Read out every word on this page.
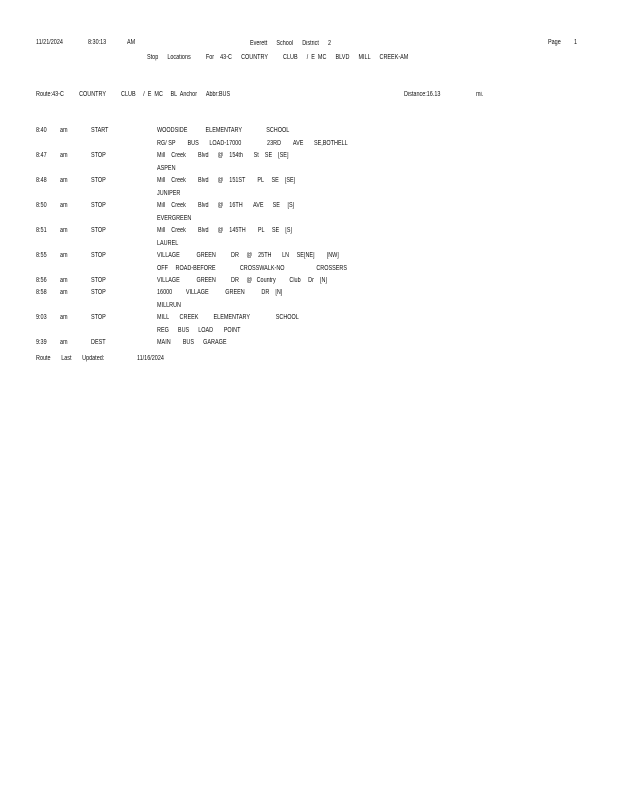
11/21/2024	8:30:13	AM	Everett      School      District      2
Stop      Locations          For    43-C      COUNTRY          CLUB      /  E  MC      BLVD      MILL      CREEK-AM
Page 1
Route:43-C          COUNTRY          CLUB     /  E  MC     BL  Anchor      Abbr:BUS	Distance:16.13	mi.
8:40 am	START	WOODSIDE            ELEMENTARY                SCHOOL
RG/ SP        BUS       LOAD-17000                 23RD        AVE       SE,BOTHELL
8:47 am	STOP	Mill    Creek        Blvd      @    154th       St    SE    [SE]
ASPEN
8:48 am	STOP	Mill    Creek        Blvd      @    151ST        PL     SE    [SE]
JUNIPER
8:50 am	STOP	Mill    Creek        Blvd      @    16TH       AVE      SE     [S]
EVERGREEN
8:51 am	STOP	Mill    Creek        Blvd      @    145TH        PL     SE    [S]
LAUREL
8:55 am	STOP	VILLAGE           GREEN          DR     @    25TH       LN     SE[NE]        [NW]
OFF     ROAD-BEFORE                CROSSWALK-NO                     CROSSERS
8:56 am	STOP	VILLAGE           GREEN          DR     @   Country         Club     Dr    [N]
8:58 am	STOP	16000         VILLAGE           GREEN           DR    [N]
MILLRUN
9:03 am	STOP	MILL       CREEK          ELEMENTARY                 SCHOOL
REG      BUS      LOAD       POINT
9:39 am	DEST	MAIN        BUS      GARAGE
Route       Last       Updated:	11/16/2024
